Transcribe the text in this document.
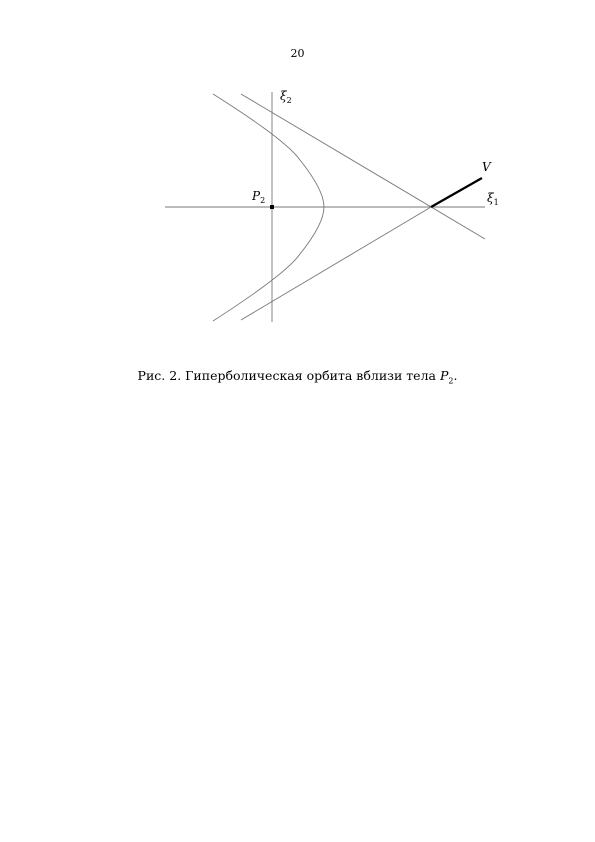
20
$\xi_2$
$\xi_1$
$P_2$
V
Рис. 2. Гиперболическая орбита вблизи тела $P_2$.
